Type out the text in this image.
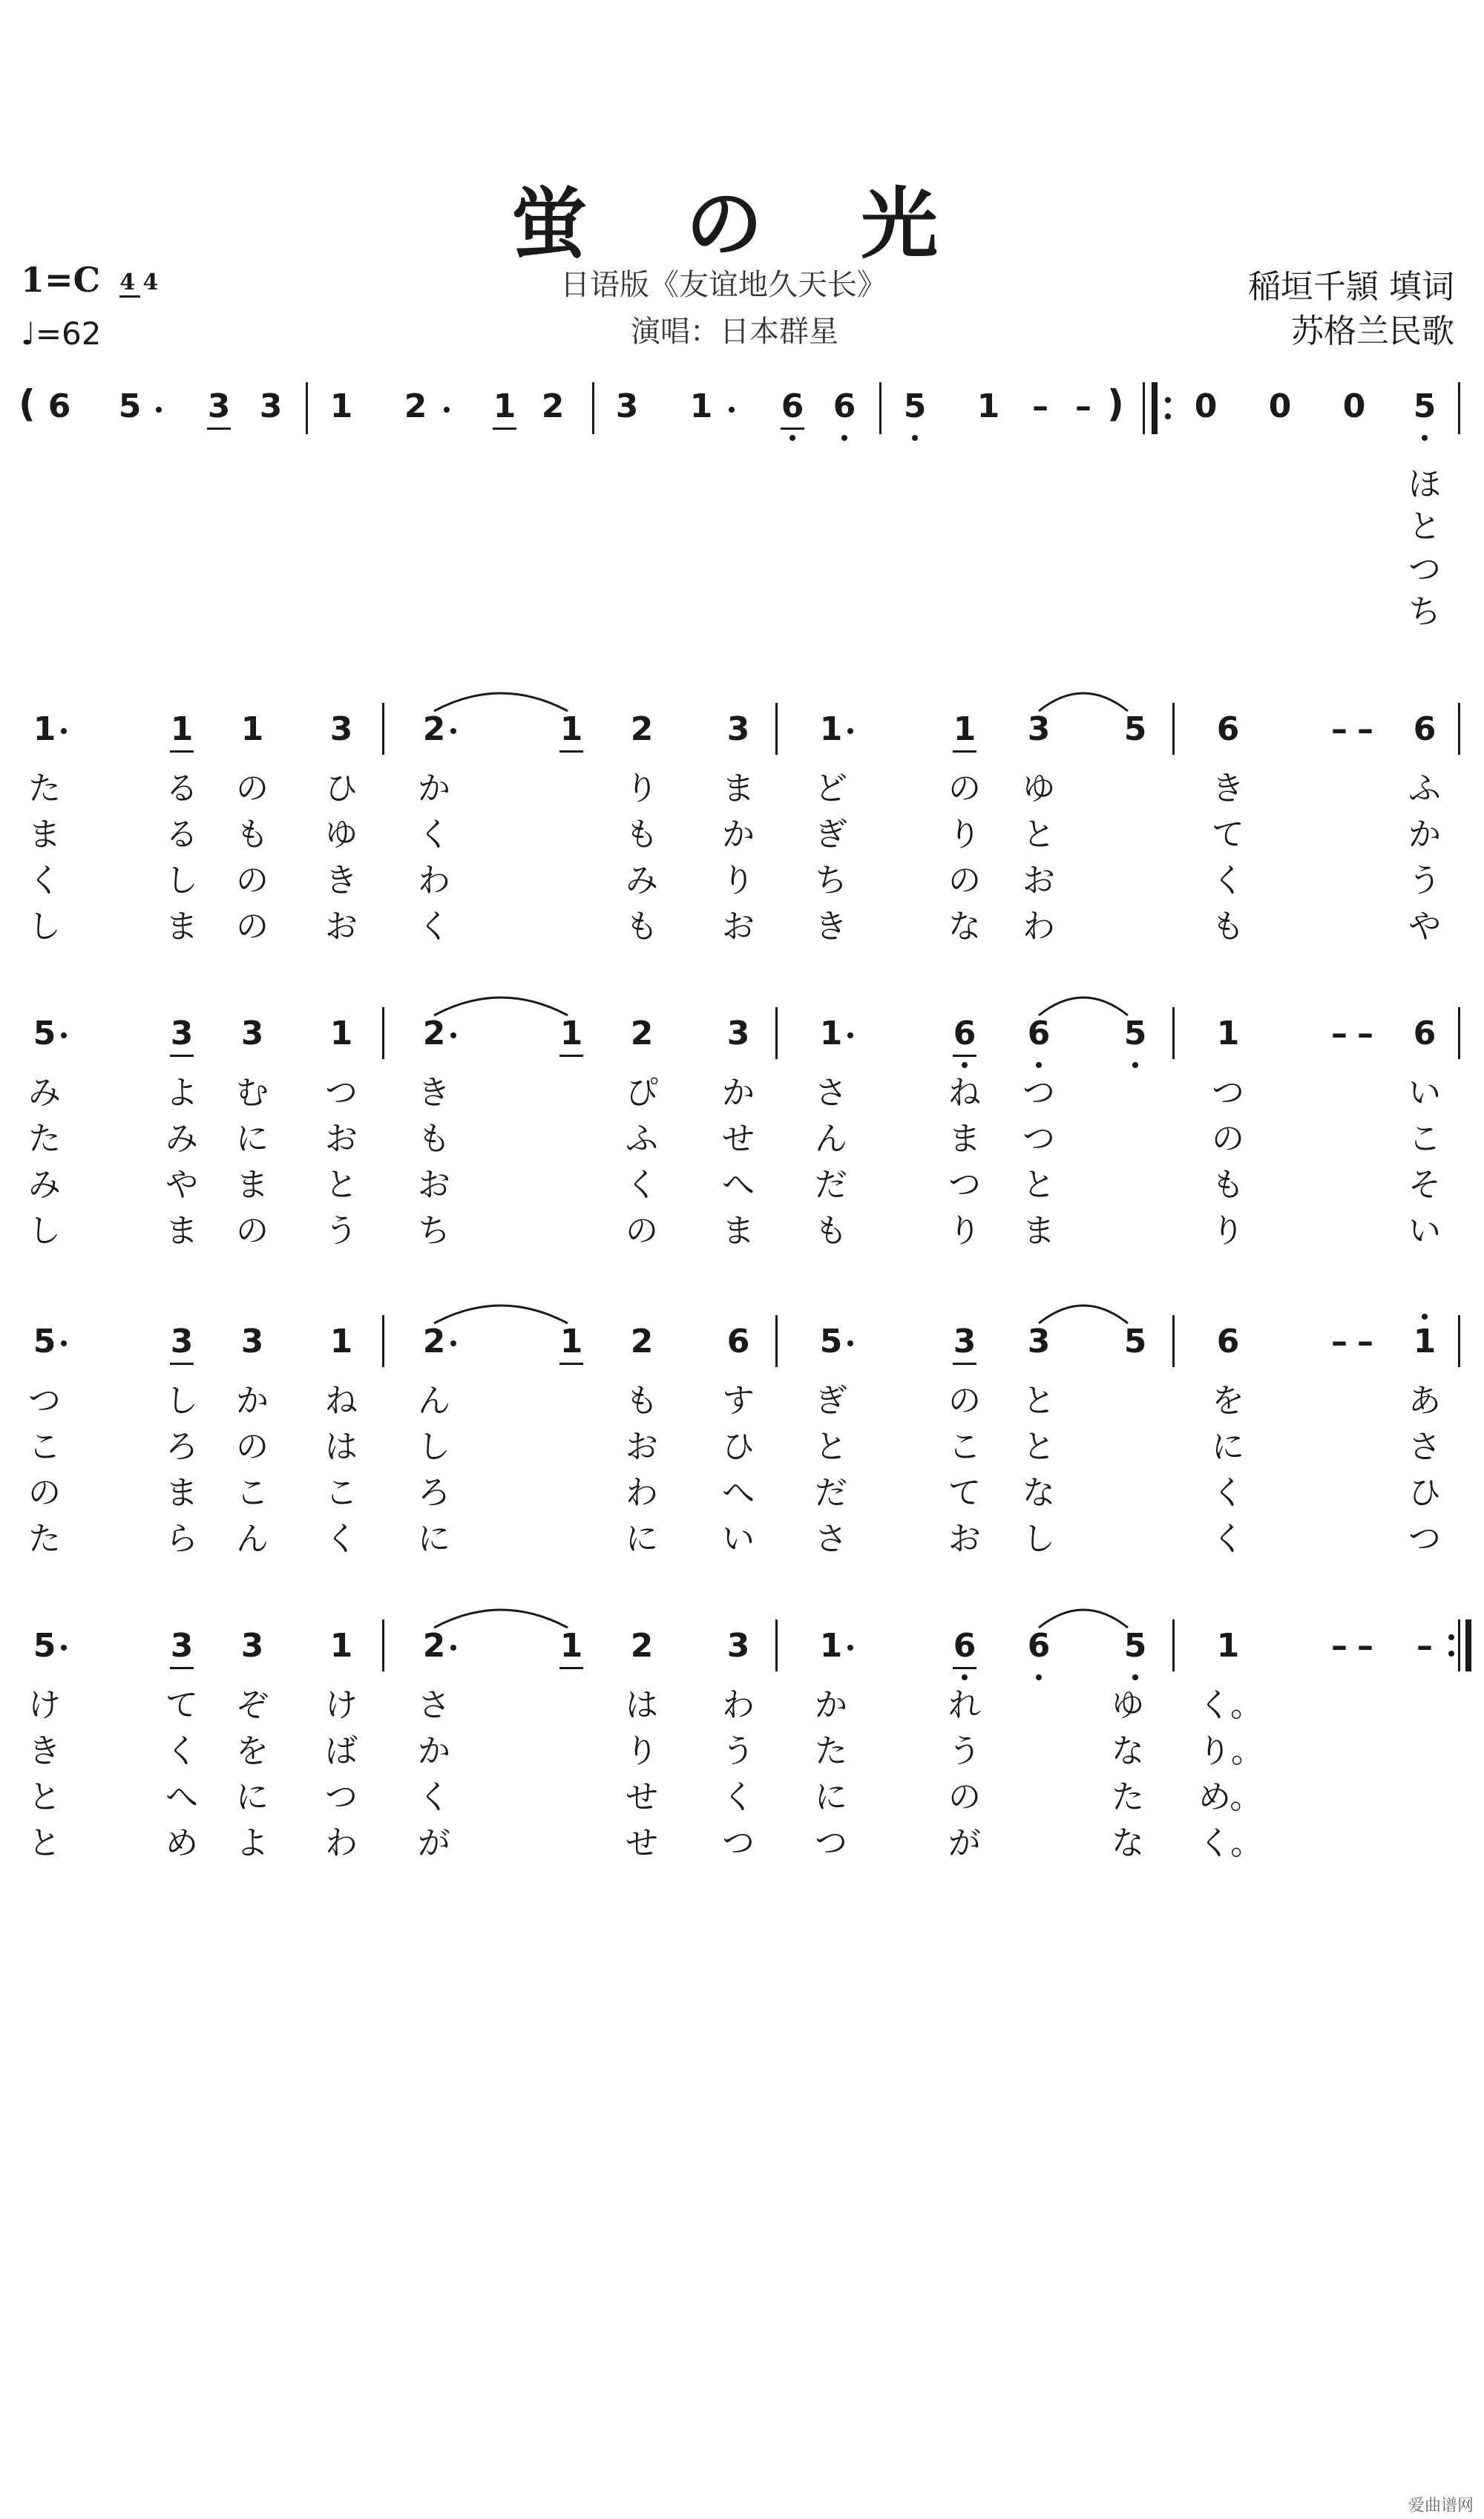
蛍 の 光
1=C 4 4
♩=62
日语版《友谊地久天长》
演唱：日本群星
稲垣千頴 填词
苏格兰民歌
( 6	5	3 3	1	2	1 2	3	1	6 6	5	1 – – )	0	0	0	5
ほ
と
つ
ち
1	1	1	3	2	1	2	3	1	1	3	5	6	– –	6
た	る	の	ひ	か	り	ま	ど	の	ゆ	き	ふ
ま	る	も	ゆ	く	も	か	ぎ	り	と	て	か
く	し	の	き	わ	み	り	ち	の	お	く	う
し	ま	の	お	く	も	お	き	な	わ	も	や
5	3	3	1	2	1	2	3	1	6	6	5	1	– –	6
み	よ	む	つ	き	ぴ	か	さ	ね	つ	つ	い
た	み	に	お	も	ふ	せ	ん	ま	つ	の	こ
み	や	ま	と	お	く	へ	だ	つ	と	も	そ
し	ま	の	う	ち	の	ま	も	り	ま	り	い
5	3	3	1	2	1	2	6	5	3	3	5	6	– –	1
つ	し	か	ね	ん	も	す	ぎ	の	と	を	あ
こ	ろ	の	は	し	お	ひ	と	こ	と	に	さ
の	ま	こ	こ	ろ	わ	へ	だ	て	な	く	ひ
た	ら	ん	く	に	に	い	さ	お	し	く	つ
5	3	3	1	2	1	2	3	1	6	6	5	1	– –	–
け	て	ぞ	け	さ	は	わ	か	れ	ゆ	く。
き	く	を	ば	か	り	う	た	う	な	り。
と	へ	に	つ	く	せ	く	に	の	た	め。
と	め	よ	わ	が	せ	つ	つ	が	な	く。
爱曲谱网
